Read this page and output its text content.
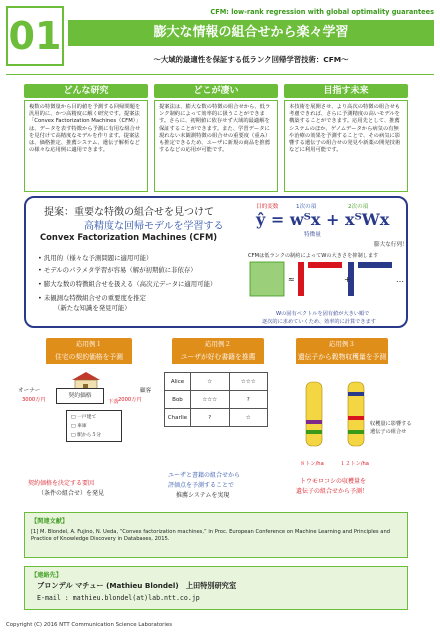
01
CFM: low-rank regression with global optimality guarantees
膨大な情報の組合せから楽々学習
～大域的最適性を保証する低ランク回帰学習技術：CFM～
どんな研究
複数の特徴量から目的値を予測する回帰問題を汎用的に、かつ高精度に解く研究です。提案法「Convex Factorization Machines（CFM）」は、データを表す特徴から予測に有用な組合せを見付けて高精度なモデルを作ります。提案法は、価格推定、推薦システム、遺伝子解析などの様々な応用例に適用できます。
どこが凄い
提案法は、膨大な数の特徴の組合せから、低ランク制約によって効率的に扱うことができます。さらに、初期値に依存せず大域的最適解を保証することができます。また、学習データに現れない未観測特徴の組合せの重要度（重み）も推定できるため、ユーザに新規の商品を推薦するなどの応用が可能です。
目指す未来
本技術を展開させ、より高次の特徴の組合せも考慮できれば、さらに予測精度の高いモデルを構築することができます。応用先として、推薦システムのほか、ゲノムデータから病気の有無や治療の効果を予測することで、その病気に影響する遺伝子の組合せの発見や新薬の開発技術などに利用可能です。
提案：重要な特徴の組合せを見つけて
高精度な回帰モデルを学習する
Convex Factorization Machines (CFM)
目的変数	1次の項	2次の項
ŷ = wᵀx + xᵀWx
特徴量
膨大な行列！
CFMは低ランクの制約によってWの大きさを抑制します
≈	+	…
Wの固有ベクトルを固有値が大きい順で
逐次的に求めていくため、効率的に計算できます
• 汎用的（様々な予測問題に適用可能）
• モデルのパラメタ学習が容易（解が初期値に非依存）
• 膨大な数の特徴組合せを扱える（高次元データに適用可能）
• 未観測な特徴組合せの重要度を推定
（新たな知識を発見可能）
応用例１
住宅の契約価格を予測
応用例２
ユーザが好む書籍を推薦
応用例３
遺伝子から穀物収穫量を予測
オーナー
3000万円
契約価格
下落
顧客
2000万円
□ 一戸建て
□ 車庫
□ 駅から５分
契約価格を決定する要因
（条件の組合せ）を発見
Alice	☆	☆☆☆
Bob	☆☆☆	?
Charlie	?	☆
ユーザと書籍の組合せから
評価点を予測することで
推薦システムを実現
収穫量に影響する
遺伝子の組合せ
８トン/ha	１２トン/ha
トウモロコシの収穫量を
遺伝子の組合せから予測！
【関連文献】
[1] M. Blondel, A. Fujino, N. Ueda, “Convex factorization machines,” in Proc. European Conference on Machine Learning and Principles and Practice of Knowledge Discovery in Databases, 2015.
【連絡先】
ブロンデル マチュー (Mathieu Blondel)　上田特別研究室
E-mail : mathieu.blondel(at)lab.ntt.co.jp
Copyright (C) 2016 NTT Communication Science Laboratories
